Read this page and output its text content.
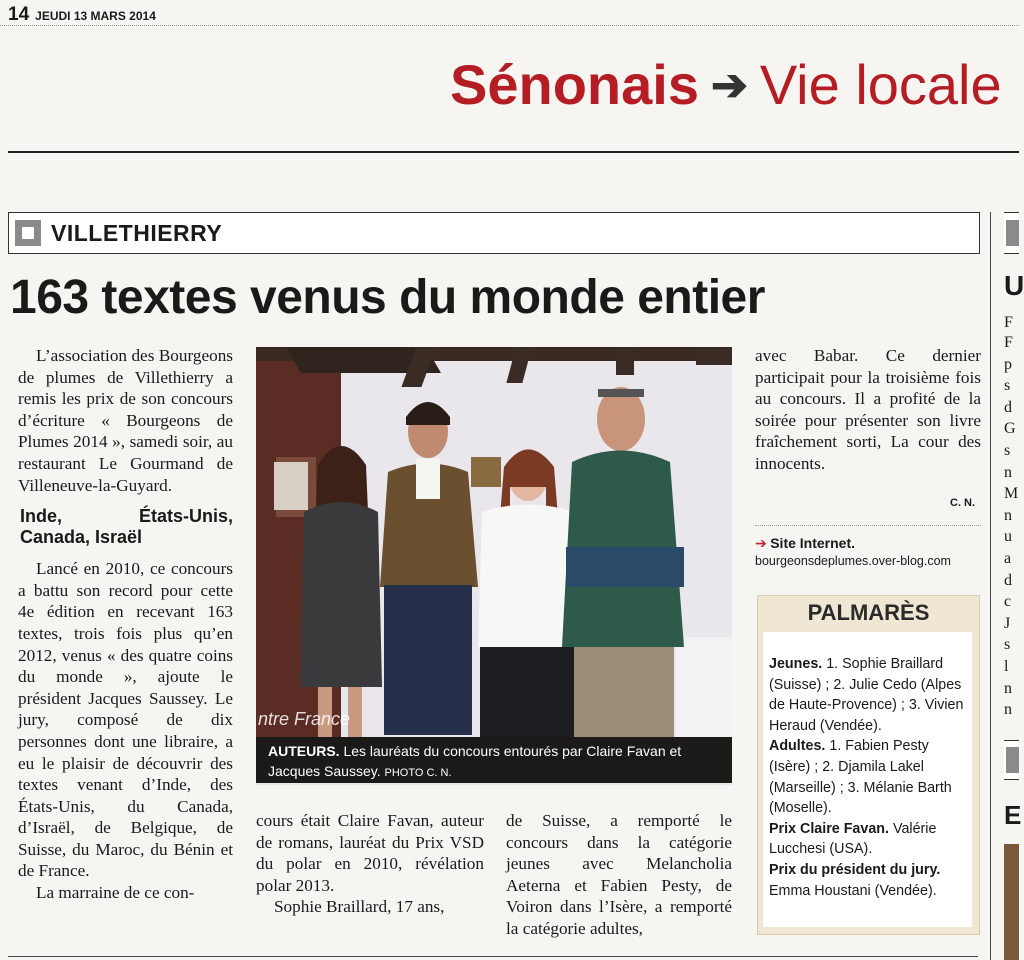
14 JEUDI 13 MARS 2014
Sénonais ➔ Vie locale
VILLETHIERRY
163 textes venus du monde entier

L’association des Bourgeons de plumes de Villethierry a remis les prix de son concours d’écriture « Bourgeons de Plumes 2014 », samedi soir, au restaurant Le Gourmand de Villeneuve-la-Guyard.

Inde, États-Unis, Canada, Israël

Lancé en 2010, ce concours a battu son record pour cette 4e édition en recevant 163 textes, trois fois plus qu’en 2012, venus « des quatre coins du monde », ajoute le président Jacques Saussey. Le jury, composé de dix personnes dont une libraire, a eu le plaisir de découvrir des textes venant d’Inde, des États-Unis, du Canada, d’Israël, de Belgique, de Suisse, du Maroc, du Bénin et de France.

La marraine de ce con-

ntre France
AUTEURS. Les lauréats du concours entourés par Claire Favan et Jacques Saussey. PHOTO C. N.

cours était Claire Favan, auteur de romans, lauréat du Prix VSD du polar en 2010, révélation polar 2013.

Sophie Braillard, 17 ans,

de Suisse, a remporté le concours dans la catégorie jeunes avec Melancholia Aeterna et Fabien Pesty, de Voiron dans l’Isère, a remporté la catégorie adultes,

avec Babar. Ce dernier participait pour la troisième fois au concours. Il a profité de la soirée pour présenter son livre fraîchement sorti, La cour des innocents.

C. N.
➔ Site Internet. bourgeonsdeplumes.over-blog.com
PALMARÈS

Jeunes. 1. Sophie Braillard (Suisse) ; 2. Julie Cedo (Alpes de Haute-Provence) ; 3. Vivien Heraud (Vendée).

Adultes. 1. Fabien Pesty (Isère) ; 2. Djamila Lakel (Marseille) ; 3. Mélanie Barth (Moselle).

Prix Claire Favan. Valérie Lucchesi (USA).

Prix du président du jury. Emma Houstani (Vendée).

U
F
F
p
s
d
G
s
n
M
n
u
a
d
c
J
s
l
n
n
E
